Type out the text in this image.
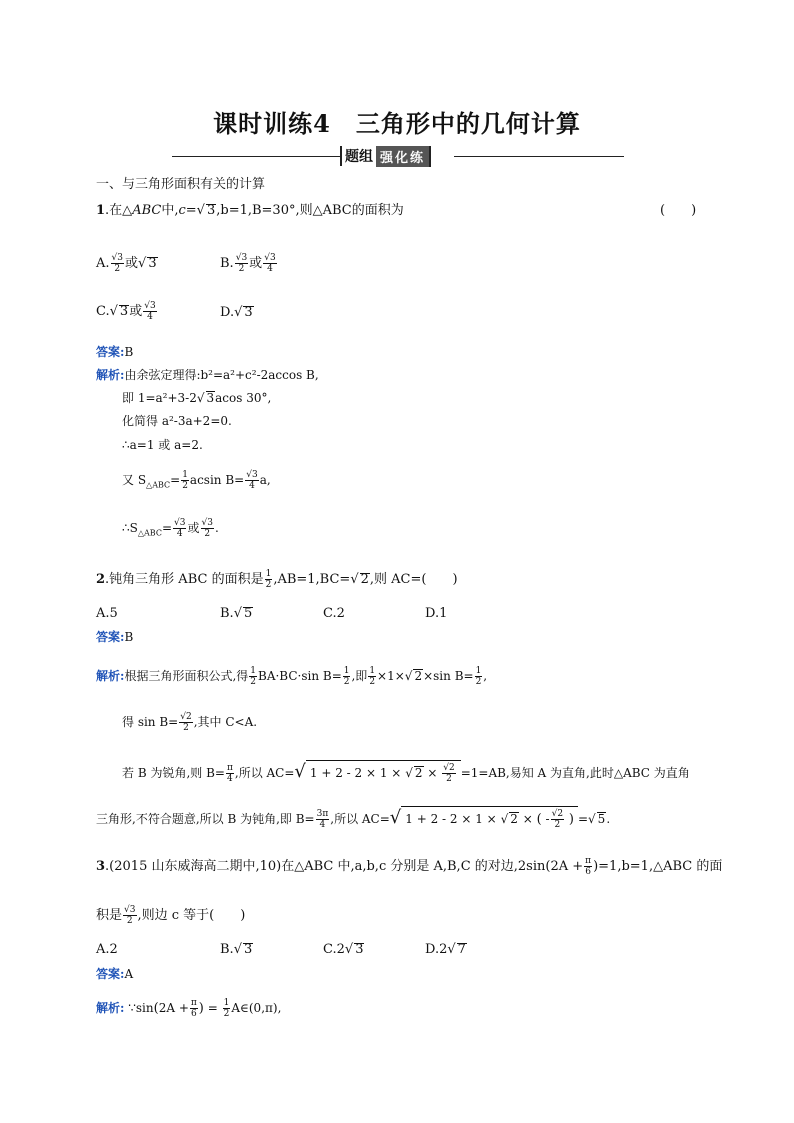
课时训练4　三角形中的几何计算
题组 强化练
一、与三角形面积有关的计算
1.在△ABC中,c=√ 3,b=1,B=30°,则△ABC的面积为	(　　)
A. $\frac{√3}{2}$ 或√ 3	B. $\frac{√3}{2}$ 或 $\frac{√3}{4}$
C.√ 3或 $\frac{√3}{4}$	D.√ 3
答案:B
解析:由余弦定理得:b²=a²+c²-2accos B,
即 1=a²+3-2√ 3acos 30°,
化简得 a²-3a+2=0.
∴a=1 或 a=2.
又 $S_{\triangle ABC}= \frac{1}{2}$ acsin $B= \frac{√3}{4} a$,
$\therefore S_{\triangle ABC}= \frac{√3}{4}$ 或 $\frac{√3}{2}$ .
2.钝角三角形 ABC 的面积是 $\frac{1}{2} ,AB=1,BC=√$ 2,则 AC=(　　)
A.5	B.√ 5	C.2	D.1
答案:B
解析:根据三角形面积公式,得 $\frac{1}{2} BA\cdot BC\cdot\sin$ $B= \frac{1}{2}$ ,即 $\frac{1}{2} \times 1\times√$ 2×sin $B= \frac{1}{2}$ ,
得 $\sin B= \frac{√2}{2}$ ,其中 C<A.
若 B 为锐角,则 $B= \frac{\pi}{4}$ ,所以 AC=√ 1 + 2 - 2 × 1 × √ $2 \times \frac{√2}{2} =1=AB$,易知 A 为直角,此时△ABC 为直角
三角形,不符合题意,所以 B 为钝角,即 $B= \frac{3\pi}{4}$ ,所以 AC=√ 1 + 2 - 2 × 1 × √ 2 × ( - $\frac{√2}{2}$ ) =√ 5.
3.(2015 山东威海高二期中,10)在△ABC 中,a,b,c 分别是 A,B,C 的对边$,2\sin(2A + \frac{\pi}{6}$ )=1,b=1,△ABC 的面
积是 $\frac{√3}{2}$ ,则边 c 等于(　　)
A.2	B.√ 3	C.2√ 3	D.2√ 7
答案:A
解析: ∵sin(2A + $\frac{\pi}{6}$ ) = $\frac{1}{2}$ A∈(0,π),
